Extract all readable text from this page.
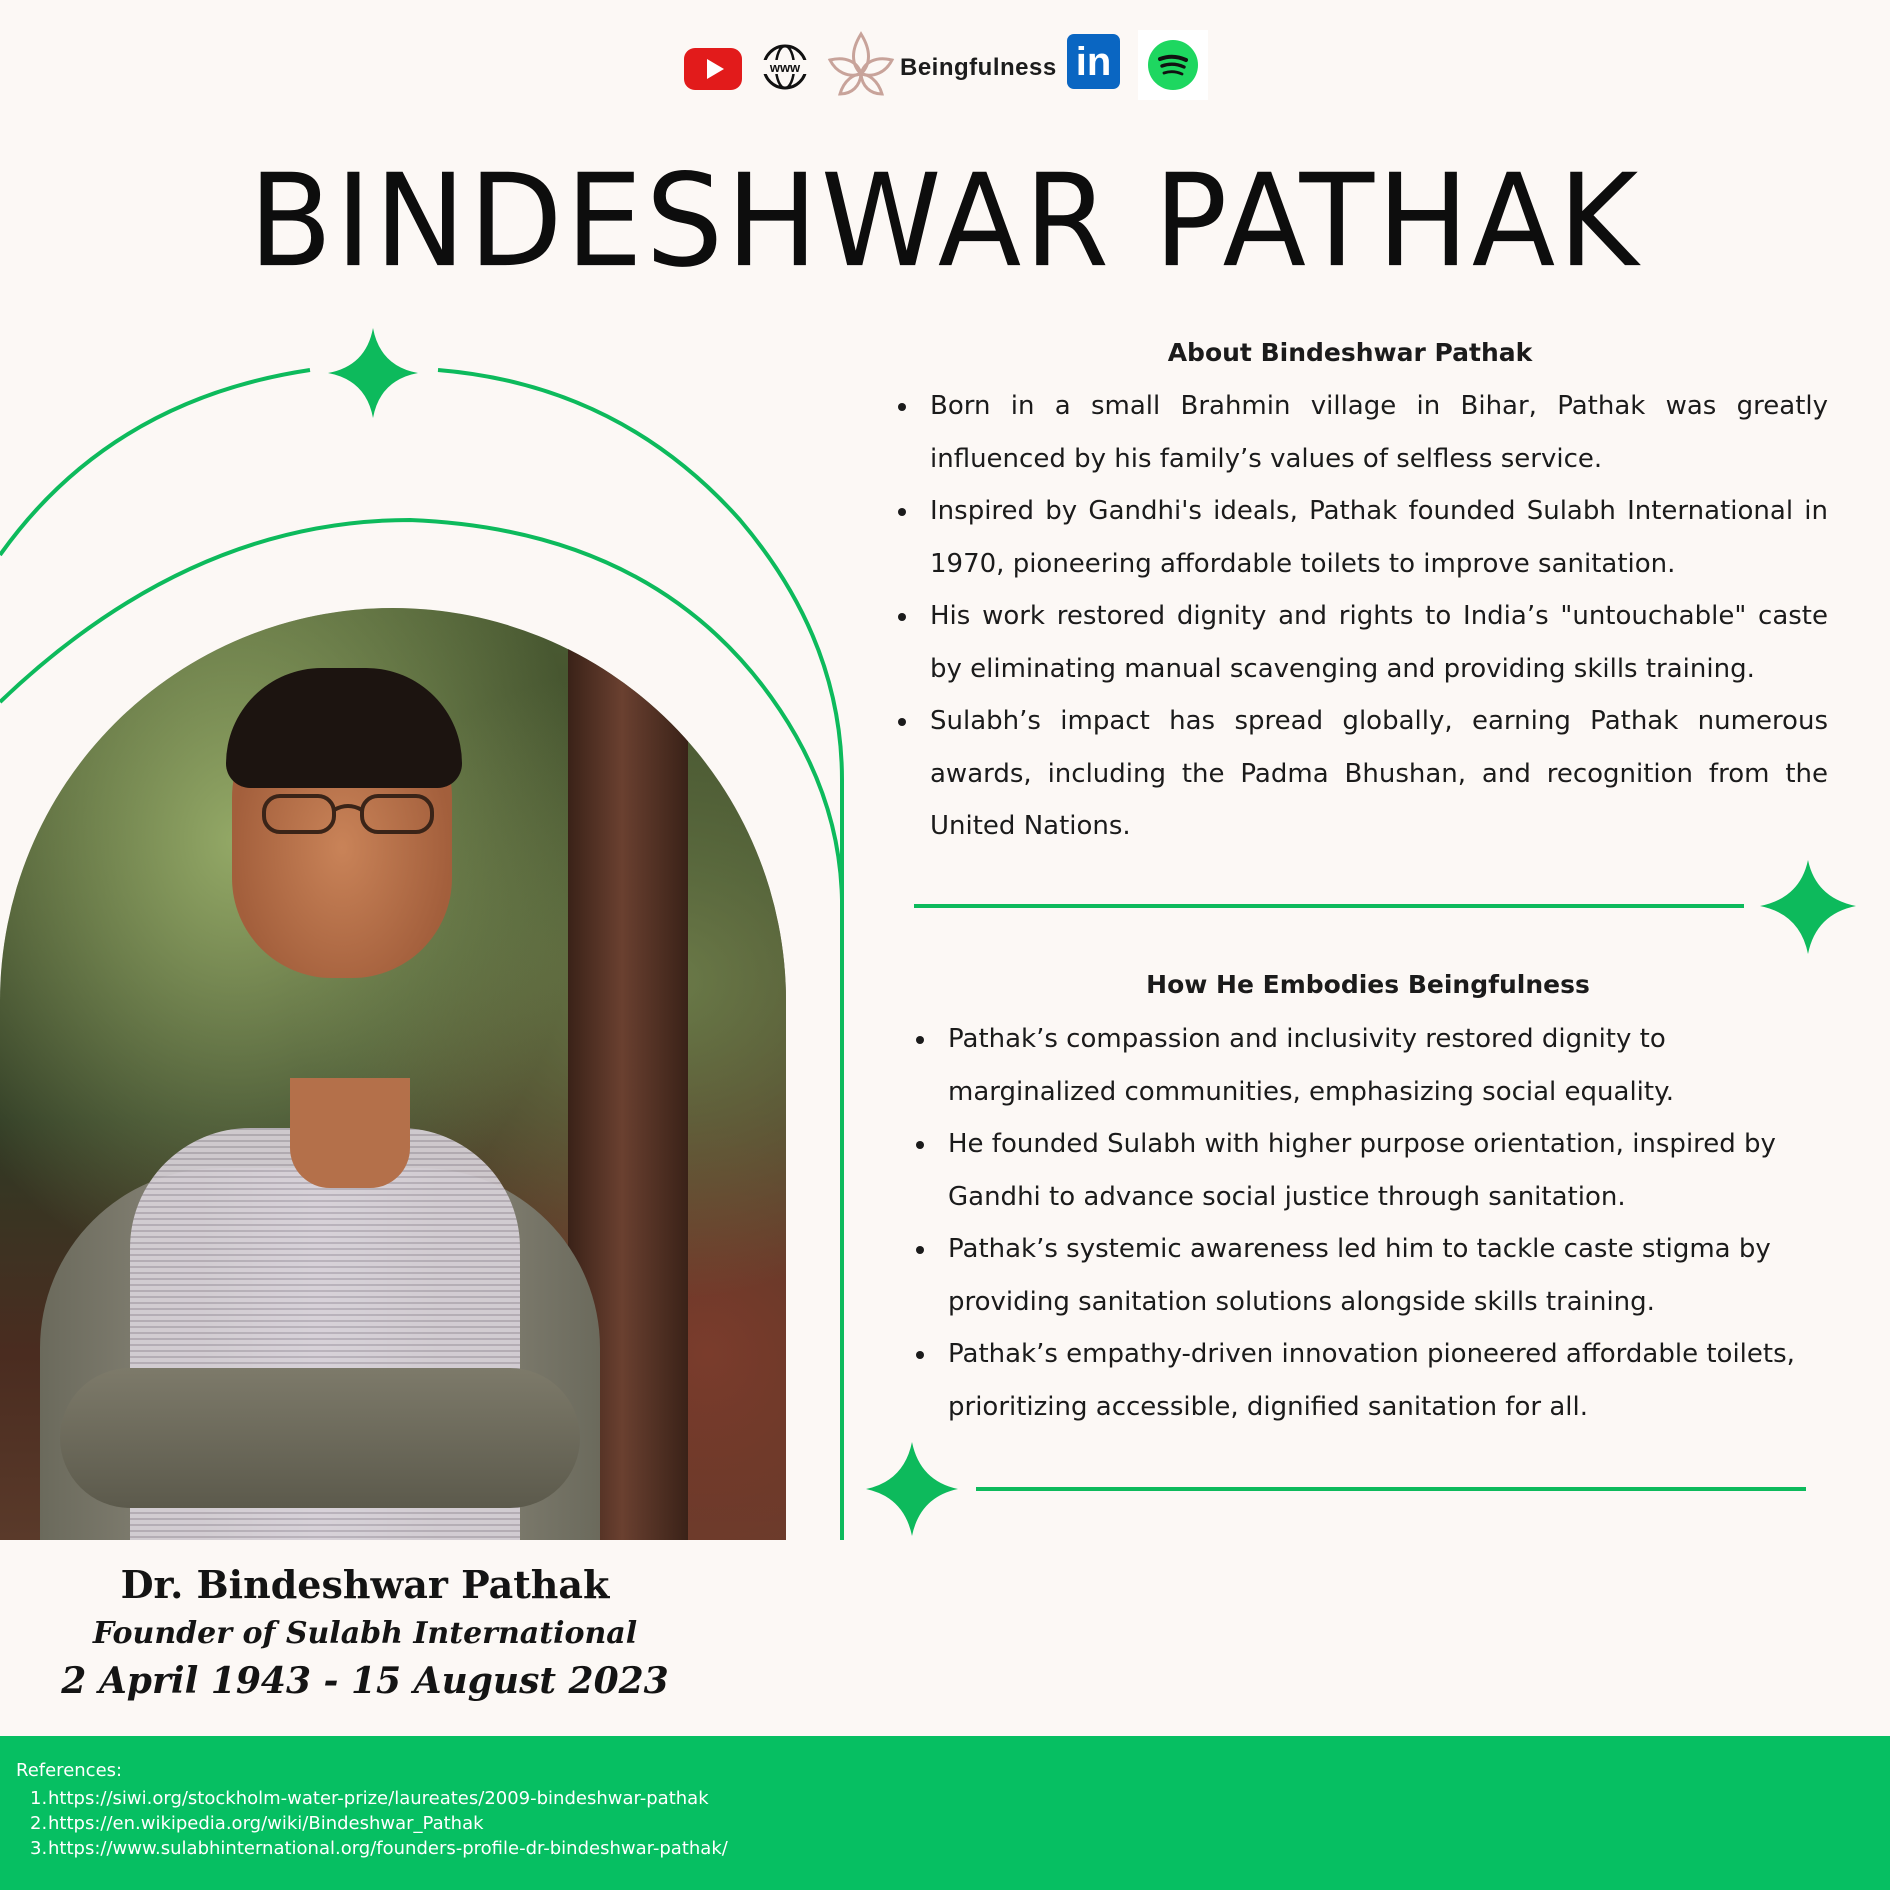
www	Beingfulness in
BINDESHWAR PATHAK
Dr. Bindeshwar Pathak
Founder of Sulabh International
2 April 1943 - 15 August 2023
About Bindeshwar Pathak
Born in a small Brahmin village in Bihar, Pathak was greatly influenced by his family’s values of selfless service.
Inspired by Gandhi's ideals, Pathak founded Sulabh International in 1970, pioneering affordable toilets to improve sanitation.
His work restored dignity and rights to India’s "untouchable" caste by eliminating manual scavenging and providing skills training.
Sulabh’s impact has spread globally, earning Pathak numerous awards, including the Padma Bhushan, and recognition from the United Nations.
How He Embodies Beingfulness
Pathak’s compassion and inclusivity restored dignity to marginalized communities, emphasizing social equality.
He founded Sulabh with higher purpose orientation, inspired by Gandhi to advance social justice through sanitation.
Pathak’s systemic awareness led him to tackle caste stigma by providing sanitation solutions alongside skills training.
Pathak’s empathy-driven innovation pioneered affordable toilets, prioritizing accessible, dignified sanitation for all.
References:
1.https://siwi.org/stockholm-water-prize/laureates/2009-bindeshwar-pathak
2.https://en.wikipedia.org/wiki/Bindeshwar_Pathak
3.https://www.sulabhinternational.org/founders-profile-dr-bindeshwar-pathak/
